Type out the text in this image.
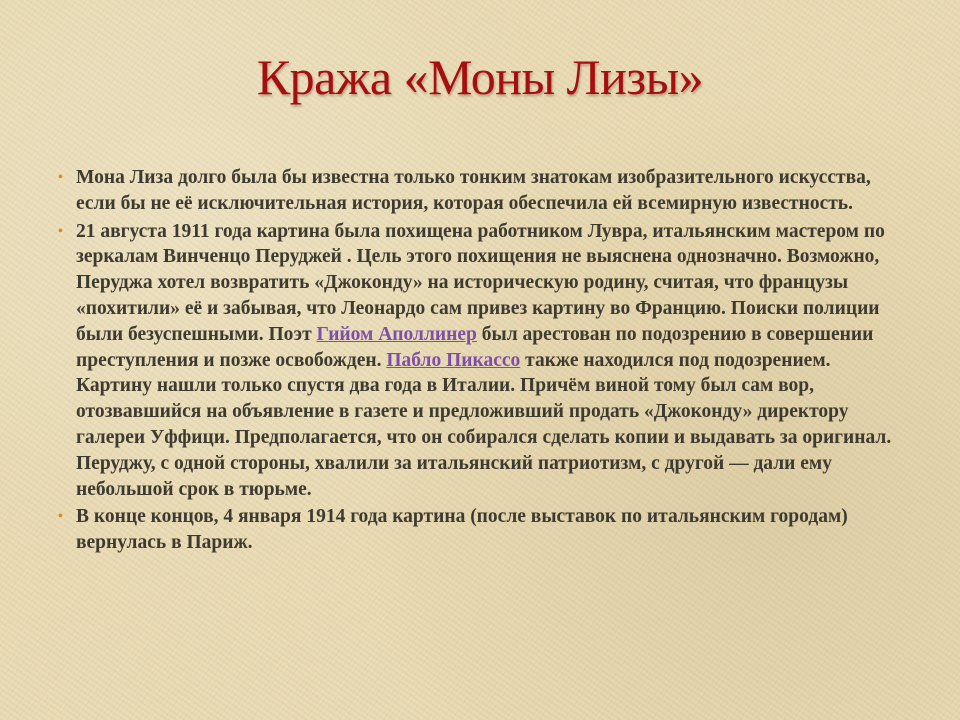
Кража «Моны Лизы»
• Мона Лиза долго была бы известна только тонким знатокам изобразительного искусства, если бы не её исключительная история, которая обеспечила ей всемирную известность.
• 21 августа 1911 года картина была похищена работником Лувра, итальянским мастером по зеркалам Винченцо Перуджей . Цель этого похищения не выяснена однозначно. Возможно, Перуджа хотел возвратить «Джоконду» на историческую родину, считая, что французы «похитили» её и забывая, что Леонардо сам привез картину во Францию. Поиски полиции были безуспешными. Поэт Гийом Аполлинер был арестован по подозрению в совершении преступления и позже освобожден. Пабло Пикассо также находился под подозрением. Картину нашли только спустя два года в Италии. Причём виной тому был сам вор, отозвавшийся на объявление в газете и предложивший продать «Джоконду» директору галереи Уффици. Предполагается, что он собирался сделать копии и выдавать за оригинал. Перуджу, с одной стороны, хвалили за итальянский патриотизм, с другой — дали ему небольшой срок в тюрьме.
• В конце концов, 4 января 1914 года картина (после выставок по итальянским городам) вернулась в Париж.
